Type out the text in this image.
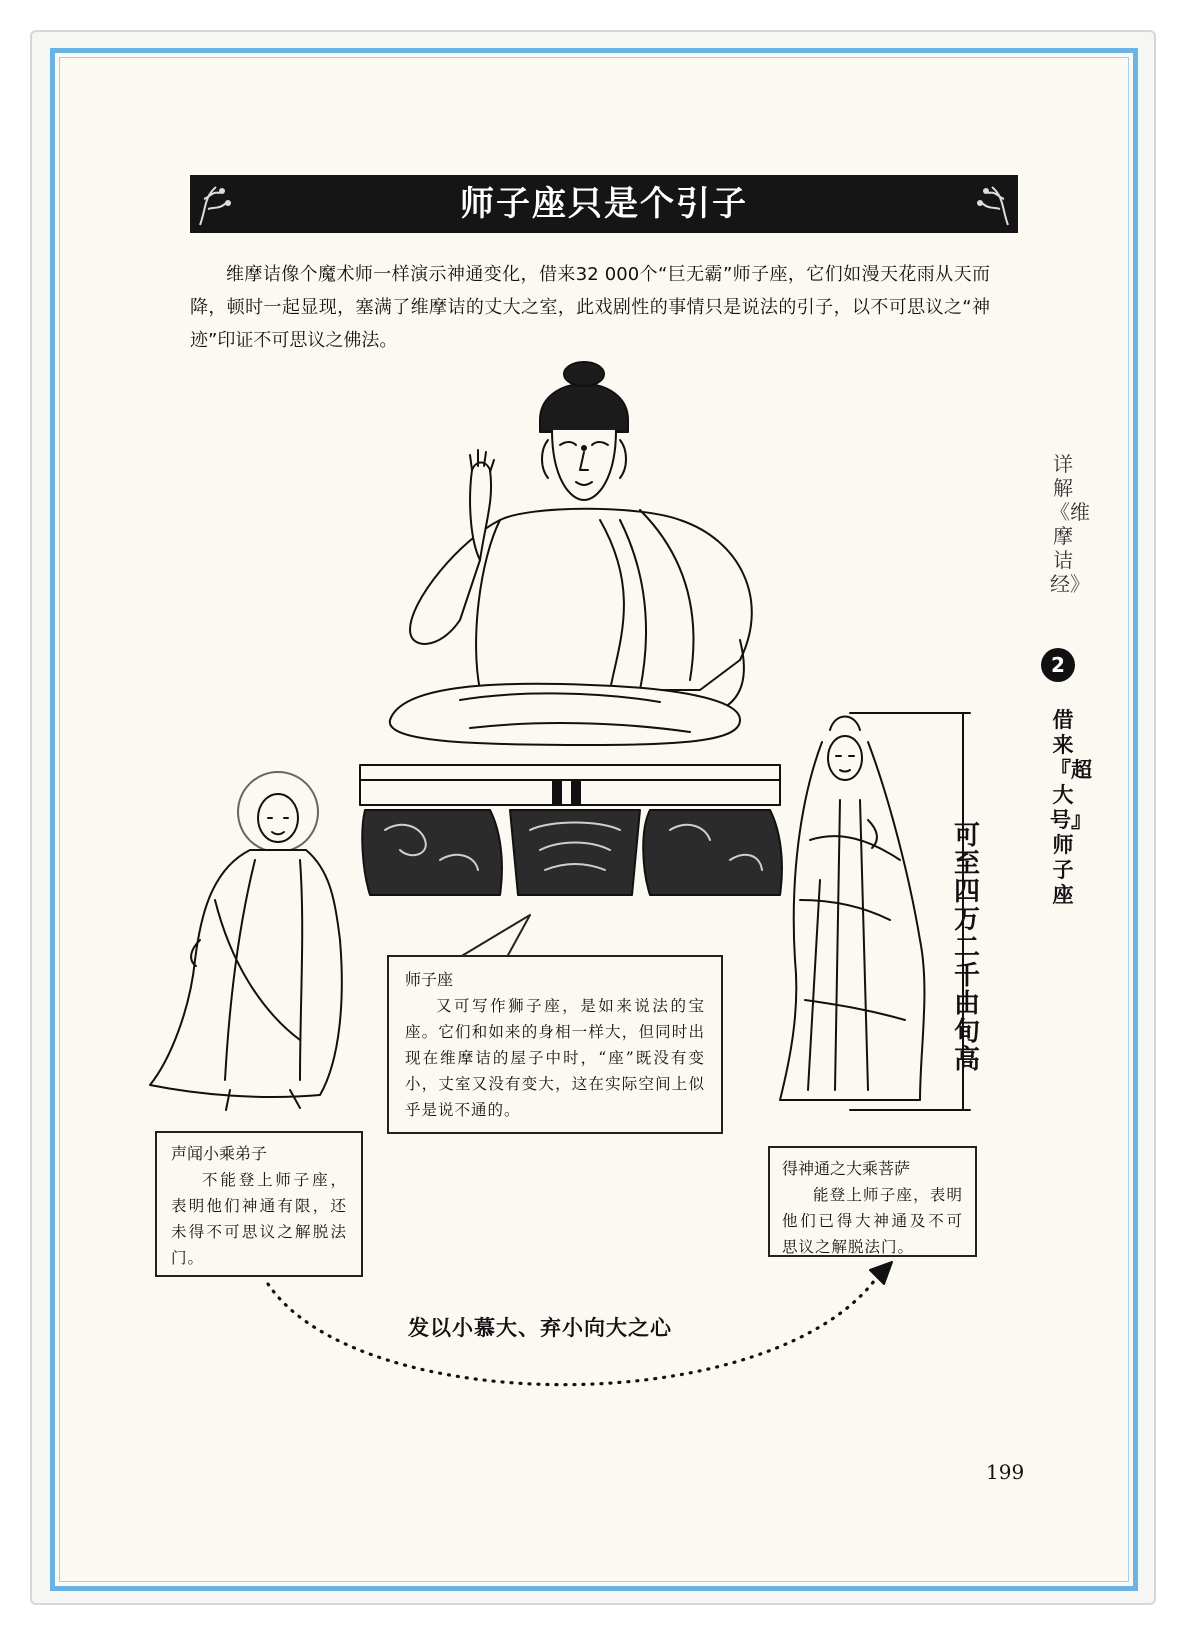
师子座只是个引子
维摩诘像个魔术师一样演示神通变化，借来32 000个“巨无霸”师子座，它们如漫天花雨从天而降，顿时一起显现，塞满了维摩诘的丈大之室，此戏剧性的事情只是说法的引子，以不可思议之“神迹”印证不可思议之佛法。
详解《维摩诘经》
2
借来『超大号』师子座
可至四万二千由旬高
师子座
又可写作狮子座，是如来说法的宝座。它们和如来的身相一样大，但同时出现在维摩诘的屋子中时，“座”既没有变小，丈室又没有变大，这在实际空间上似乎是说不通的。
声闻小乘弟子
不能登上师子座，表明他们神通有限，还未得不可思议之解脱法门。
得神通之大乘菩萨
能登上师子座，表明他们已得大神通及不可思议之解脱法门。
发以小慕大、弃小向大之心
199
